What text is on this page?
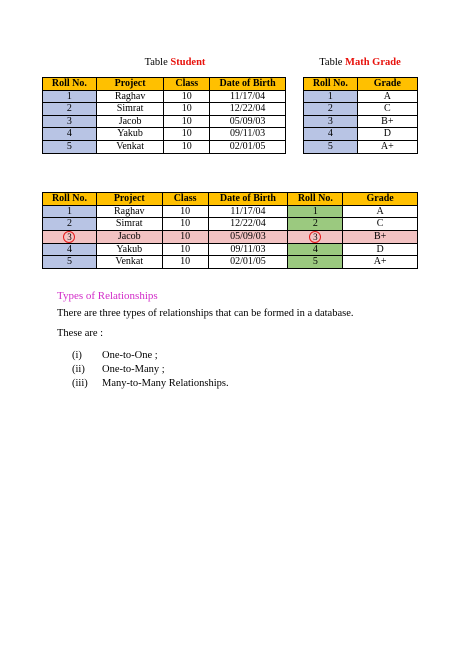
Table Student	Table Math Grade
Roll No.	Project	Class	Date of Birth
1	Raghav	10	11/17/04
2	Simrat	10	12/22/04
3	Jacob	10	05/09/03
4	Yakub	10	09/11/03
5	Venkat	10	02/01/05
Roll No.	Grade
1	A
2	C
3	B+
4	D
5	A+
Roll No.	Project	Class	Date of Birth	Roll No.	Grade
1	Raghav	10	11/17/04	1	A
2	Simrat	10	12/22/04	2	C
3	Jacob	10	05/09/03	3	B+
4	Yakub	10	09/11/03	4	D
5	Venkat	10	02/01/05	5	A+
Types of Relationships
There are three types of relationships that can be formed in a database.
These are :
(i) One-to-One ;
(ii) One-to-Many ;
(iii) Many-to-Many Relationships.
